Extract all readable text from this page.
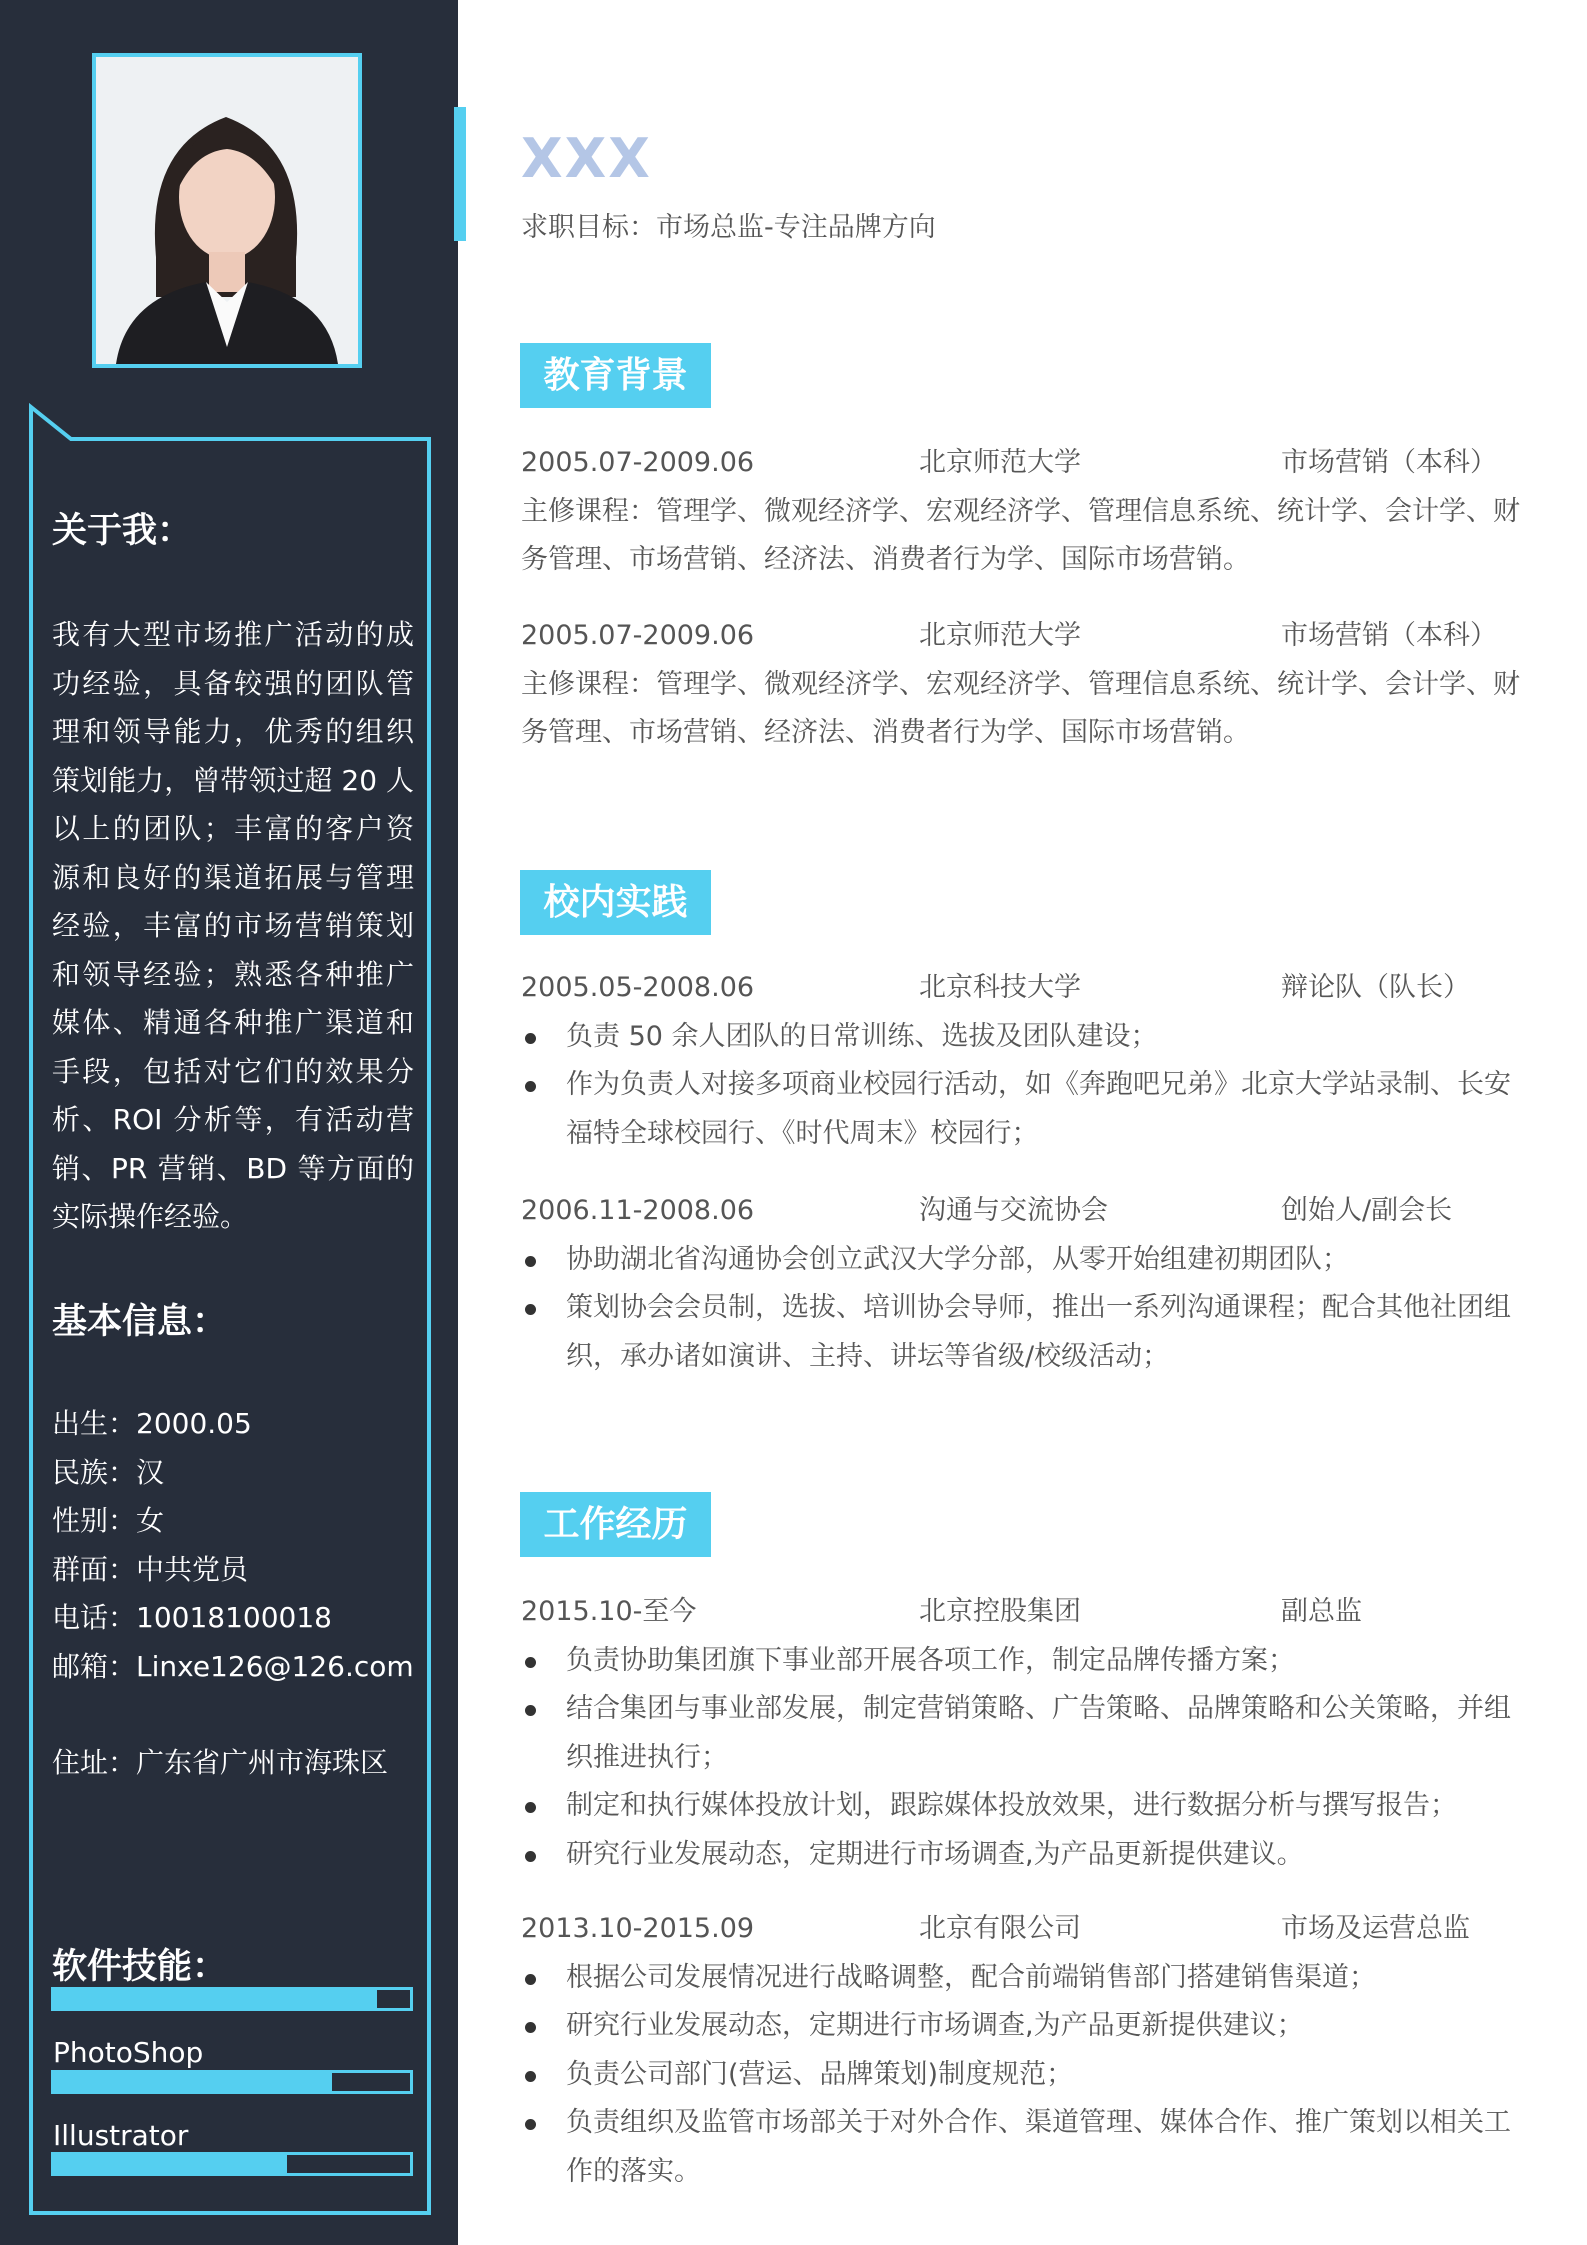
关于我：
我有大型市场推广活动的成功经验，具备较强的团队管理和领导能力，优秀的组织策划能力，曾带领过超 20 人以上的团队；丰富的客户资源和良好的渠道拓展与管理经验，丰富的市场营销策划和领导经验；熟悉各种推广媒体、精通各种推广渠道和手段，包括对它们的效果分析、ROI 分析等，有活动营销、PR 营销、BD 等方面的实际操作经验。
基本信息：
出生：2000.05
民族：汉
性别：女
群面：中共党员
电话：10018100018
邮箱：Linxe126@126.com
住址：广东省广州市海珠区
软件技能：
PhotoShop
Illustrator
XXX
求职目标：市场总监-专注品牌方向
教育背景
2005.07-2009.06	北京师范大学	市场营销（本科）
主修课程：管理学、微观经济学、宏观经济学、管理信息系统、统计学、会计学、财务管理、市场营销、经济法、消费者行为学、国际市场营销。
2005.07-2009.06	北京师范大学	市场营销（本科）
主修课程：管理学、微观经济学、宏观经济学、管理信息系统、统计学、会计学、财务管理、市场营销、经济法、消费者行为学、国际市场营销。
校内实践
2005.05-2008.06	北京科技大学	辩论队（队长）
负责 50 余人团队的日常训练、选拔及团队建设；
作为负责人对接多项商业校园行活动，如《奔跑吧兄弟》北京大学站录制、长安福特全球校园行、《时代周末》校园行；
2006.11-2008.06	沟通与交流协会	创始人/副会长
协助湖北省沟通协会创立武汉大学分部，从零开始组建初期团队；
策划协会会员制，选拔、培训协会导师，推出一系列沟通课程；配合其他社团组织，承办诸如演讲、主持、讲坛等省级/校级活动；
工作经历
2015.10-至今	北京控股集团	副总监
负责协助集团旗下事业部开展各项工作，制定品牌传播方案；
结合集团与事业部发展，制定营销策略、广告策略、品牌策略和公关策略，并组织推进执行；
制定和执行媒体投放计划，跟踪媒体投放效果，进行数据分析与撰写报告；
研究行业发展动态，定期进行市场调查,为产品更新提供建议。
2013.10-2015.09	北京有限公司	市场及运营总监
根据公司发展情况进行战略调整，配合前端销售部门搭建销售渠道；
研究行业发展动态，定期进行市场调查,为产品更新提供建议；
负责公司部门(营运、品牌策划)制度规范；
负责组织及监管市场部关于对外合作、渠道管理、媒体合作、推广策划以相关工作的落实。
